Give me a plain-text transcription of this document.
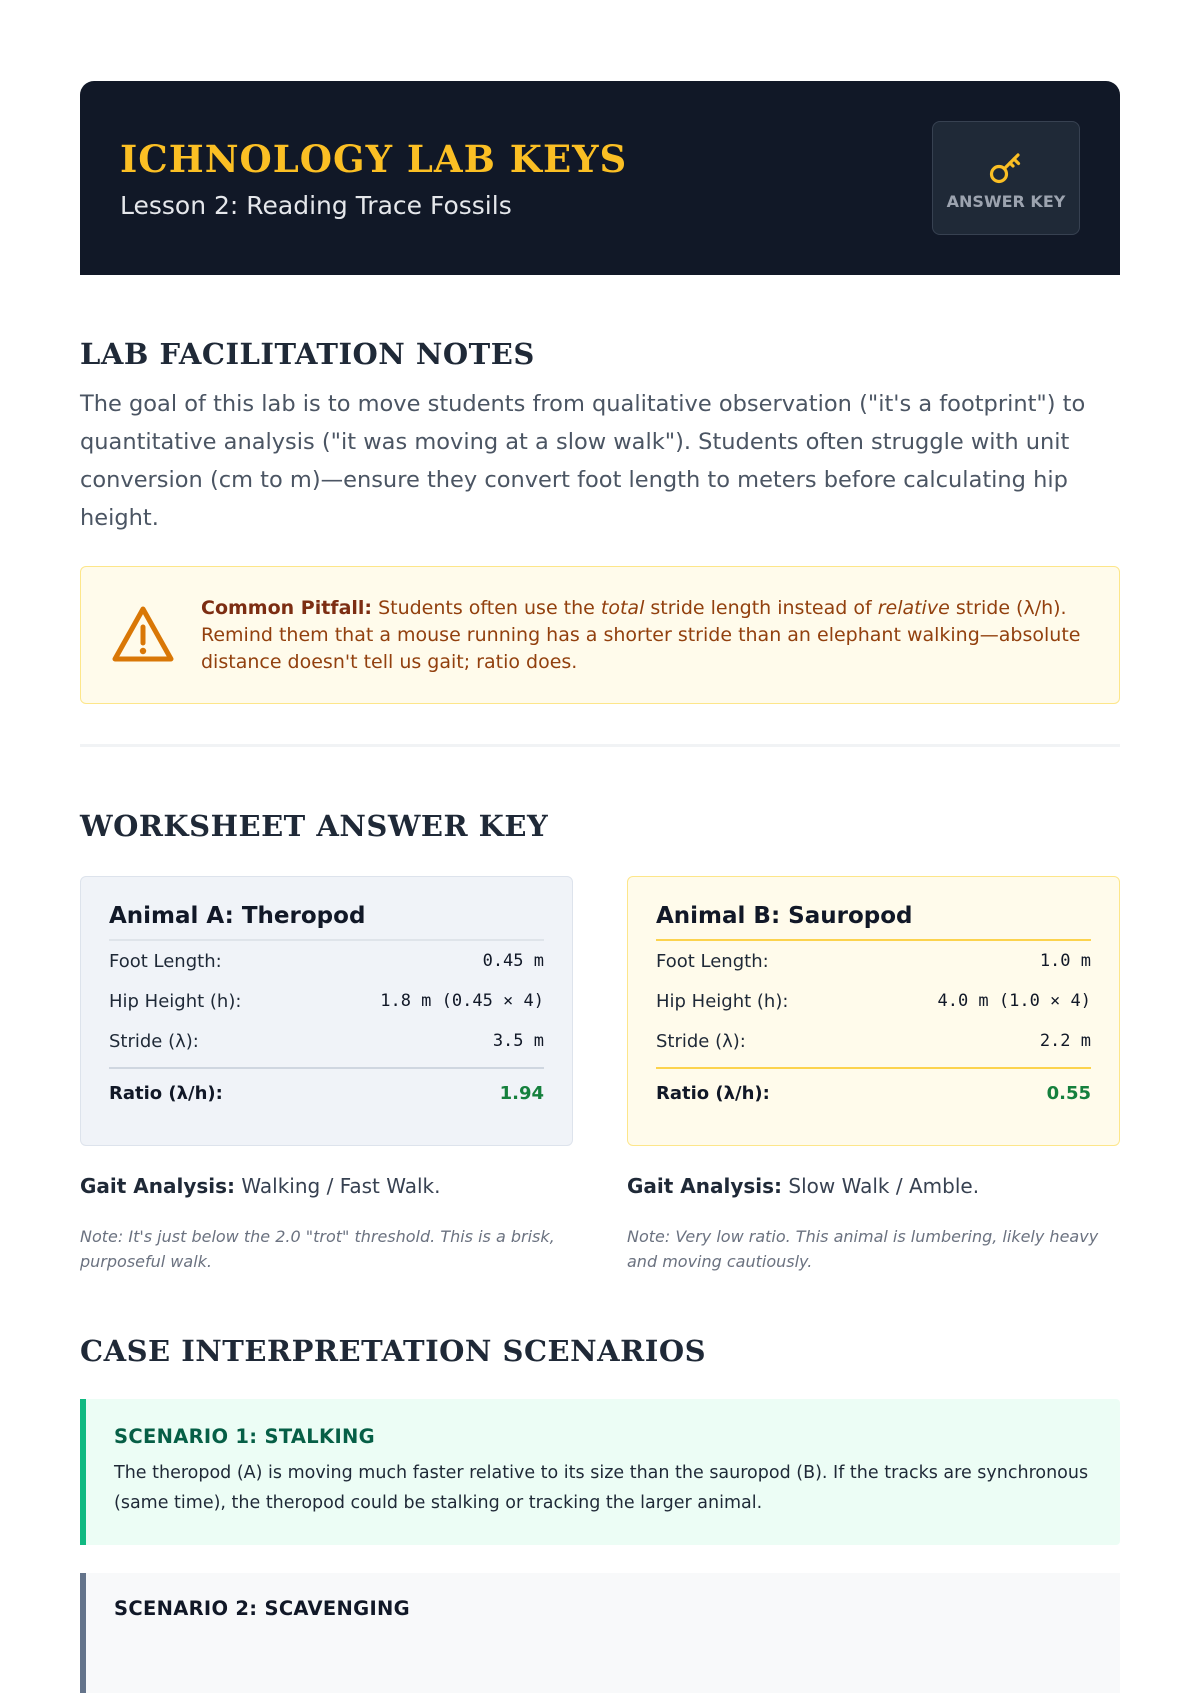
ICHNOLOGY LAB KEYS
Lesson 2: Reading Trace Fossils	ANSWER KEY
LAB FACILITATION NOTES

The goal of this lab is to move students from qualitative observation ("it's a footprint") to quantitative analysis ("it was moving at a slow walk"). Students often struggle with unit conversion (cm to m)—ensure they convert foot length to meters before calculating hip height.

Common Pitfall: Students often use the total stride length instead of relative stride (λ/h). Remind them that a mouse running has a shorter stride than an elephant walking—absolute distance doesn't tell us gait; ratio does.
WORKSHEET ANSWER KEY
Animal A: Theropod
Foot Length:	0.45 m
Hip Height (h):	1.8 m (0.45 × 4)
Stride (λ):	3.5 m
Ratio (λ/h):	1.94
Animal B: Sauropod
Foot Length:	1.0 m
Hip Height (h):	4.0 m (1.0 × 4)
Stride (λ):	2.2 m
Ratio (λ/h):	0.55
Gait Analysis: Walking / Fast Walk.
Note: It's just below the 2.0 "trot" threshold. This is a brisk, purposeful walk.
Gait Analysis: Slow Walk / Amble.
Note: Very low ratio. This animal is lumbering, likely heavy and moving cautiously.
CASE INTERPRETATION SCENARIOS
SCENARIO 1: STALKING
The theropod (A) is moving much faster relative to its size than the sauropod (B). If the tracks are synchronous (same time), the theropod could be stalking or tracking the larger animal.
SCENARIO 2: SCAVENGING
